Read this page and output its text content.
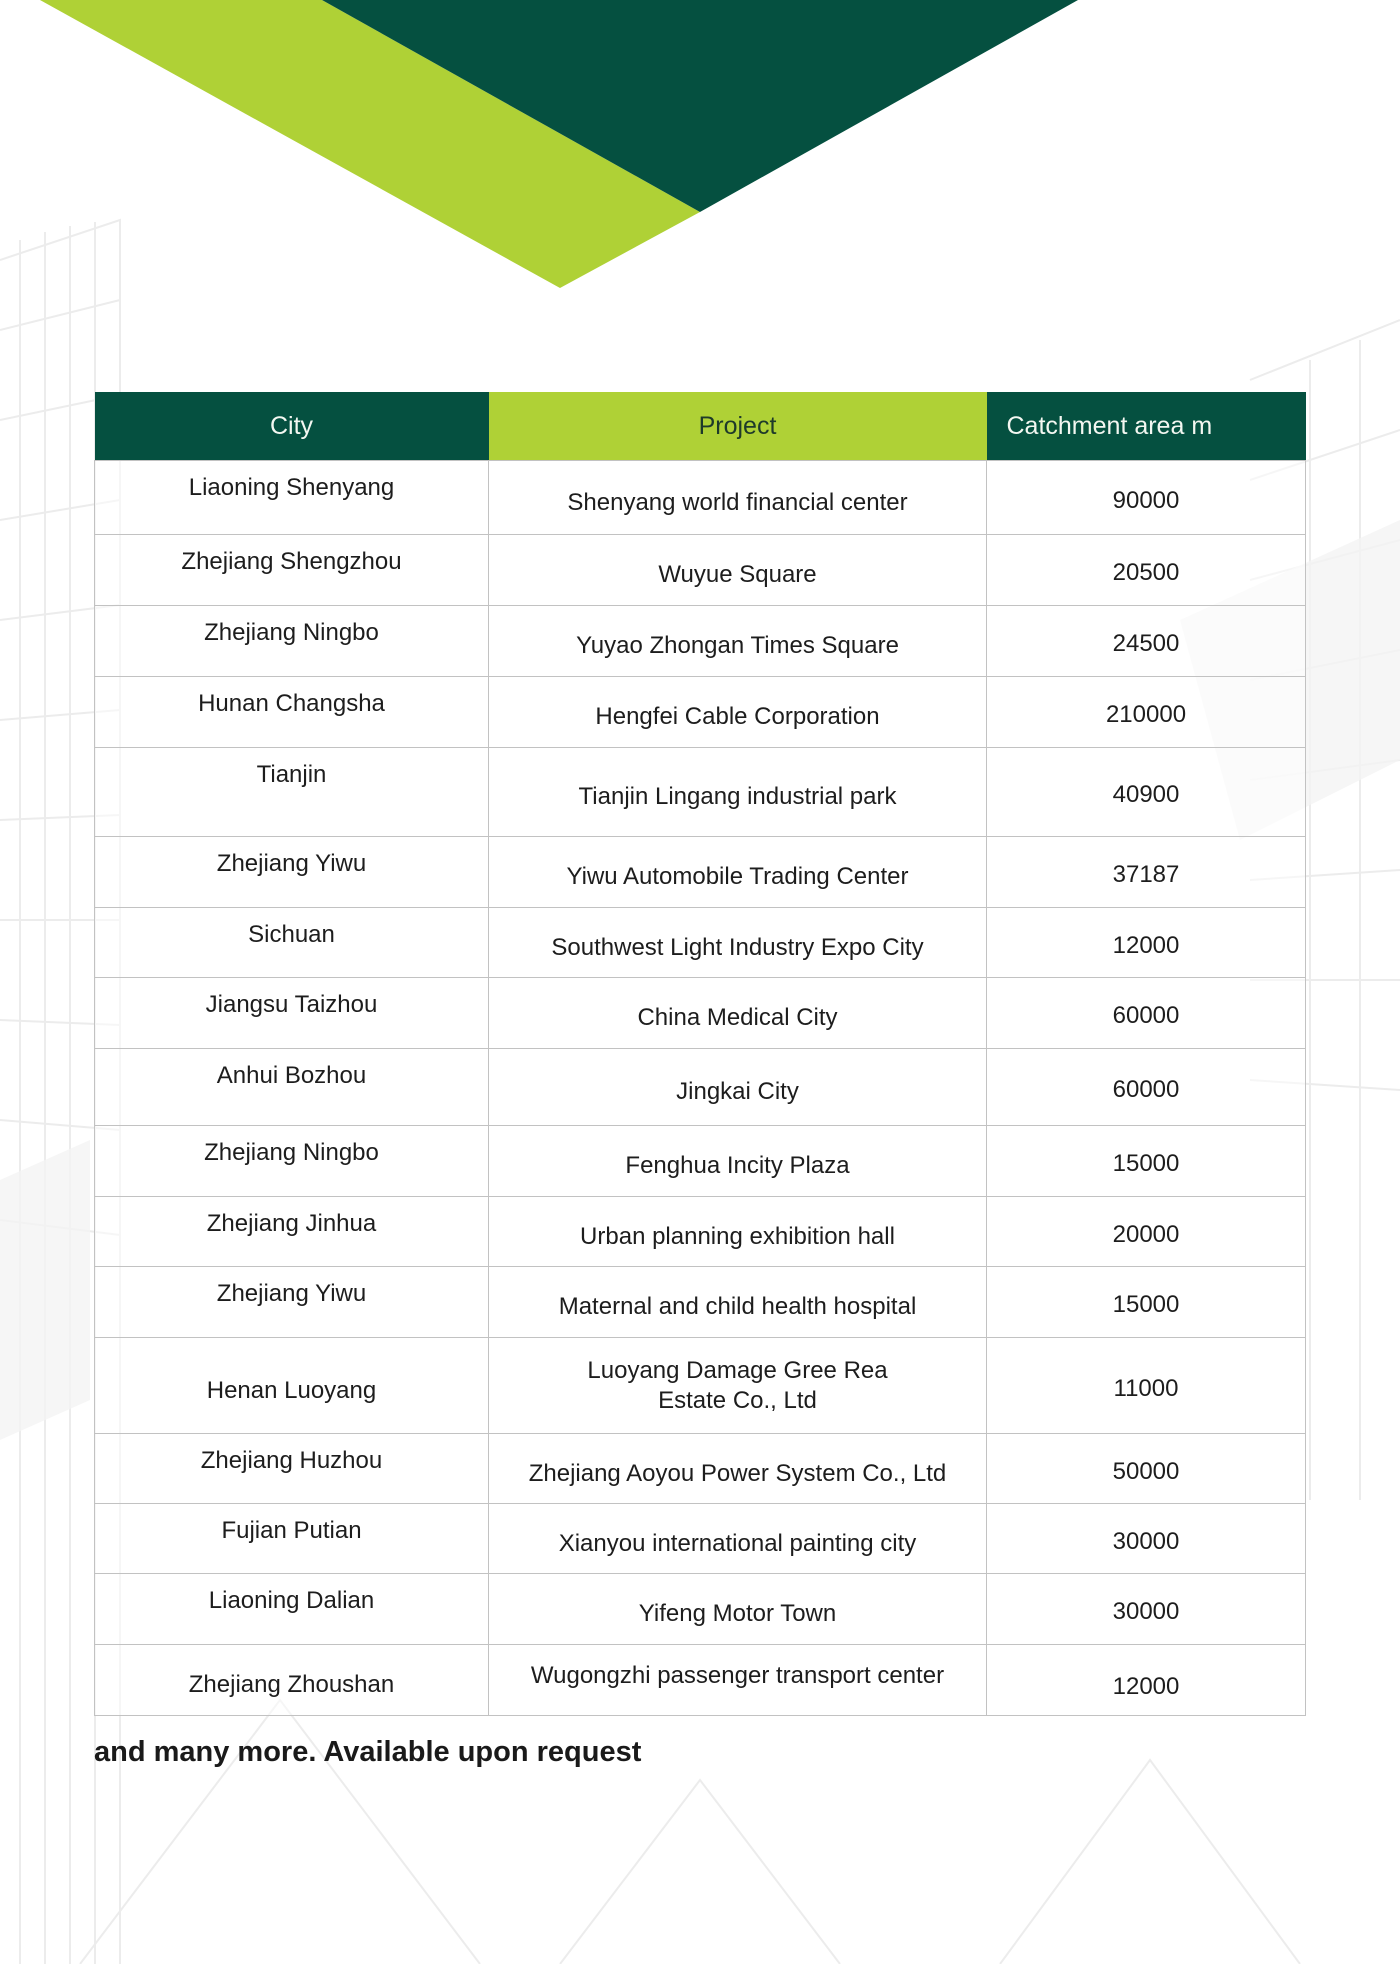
City	Project	Catchment area m
Liaoning Shenyang	Shenyang world financial center	90000
Zhejiang Shengzhou	Wuyue Square	20500
Zhejiang Ningbo	Yuyao Zhongan Times Square	24500
Hunan Changsha	Hengfei Cable Corporation	210000
Tianjin	Tianjin Lingang industrial park	40900
Zhejiang Yiwu	Yiwu Automobile Trading Center	37187
Sichuan	Southwest Light Industry Expo City	12000
Jiangsu Taizhou	China Medical City	60000
Anhui Bozhou	Jingkai City	60000
Zhejiang Ningbo	Fenghua Incity Plaza	15000
Zhejiang Jinhua	Urban planning exhibition hall	20000
Zhejiang Yiwu	Maternal and child health hospital	15000
Henan Luoyang	Luoyang Damage Gree Rea Estate Co., Ltd	11000
Zhejiang Huzhou	Zhejiang Aoyou Power System Co., Ltd	50000
Fujian Putian	Xianyou international painting city	30000
Liaoning Dalian	Yifeng Motor Town	30000
Zhejiang Zhoushan	Wugongzhi passenger transport center	12000
and many more. Available upon request
